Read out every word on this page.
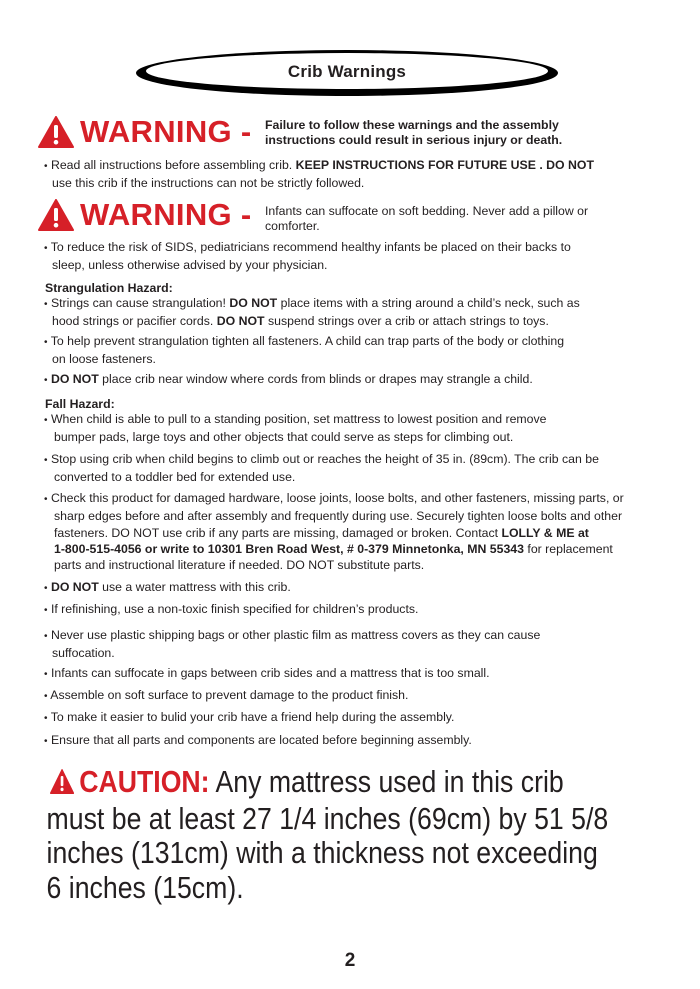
Crib Warnings
WARNING - Failure to follow these warnings and the assembly
instructions could result in serious injury or death.
• Read all instructions before assembling crib. KEEP INSTRUCTIONS FOR FUTURE USE . DO NOT
use this crib if the instructions can not be strictly followed.
WARNING - Infants can suffocate on soft bedding. Never add a pillow or
comforter.
• To reduce the risk of SIDS, pediatricians recommend healthy infants be placed on their backs to
sleep, unless otherwise advised by your physician.
Strangulation Hazard:
• Strings can cause strangulation! DO NOT place items with a string around a child’s neck, such as
hood strings or pacifier cords. DO NOT suspend strings over a crib or attach strings to toys.
• To help prevent strangulation tighten all fasteners. A child can trap parts of the body or clothing
on loose fasteners.
• DO NOT place crib near window where cords from blinds or drapes may strangle a child.
Fall Hazard:
• When child is able to pull to a standing position, set mattress to lowest position and remove
bumper pads, large toys and other objects that could serve as steps for climbing out.
• Stop using crib when child begins to climb out or reaches the height of 35 in. (89cm). The crib can be
converted to a toddler bed for extended use.
• Check this product for damaged hardware, loose joints, loose bolts, and other fasteners, missing parts, or
sharp edges before and after assembly and frequently during use. Securely tighten loose bolts and other
fasteners. DO NOT use crib if any parts are missing, damaged or broken. Contact LOLLY & ME at
1-800-515-4056 or write to 10301 Bren Road West, # 0-379 Minnetonka, MN 55343 for replacement
parts and instructional literature if needed. DO NOT substitute parts.
• DO NOT use a water mattress with this crib.
• If refinishing, use a non-toxic finish specified for children’s products.
• Never use plastic shipping bags or other plastic film as mattress covers as they can cause
suffocation.
• Infants can suffocate in gaps between crib sides and a mattress that is too small.
• Assemble on soft surface to prevent damage to the product finish.
• To make it easier to bulid your crib have a friend help during the assembly.
• Ensure that all parts and components are located before beginning assembly.
CAUTION: Any mattress used in this crib
must be at least 27 1/4 inches (69cm) by 51 5/8
inches (131cm) with a thickness not exceeding
6 inches (15cm).
2
